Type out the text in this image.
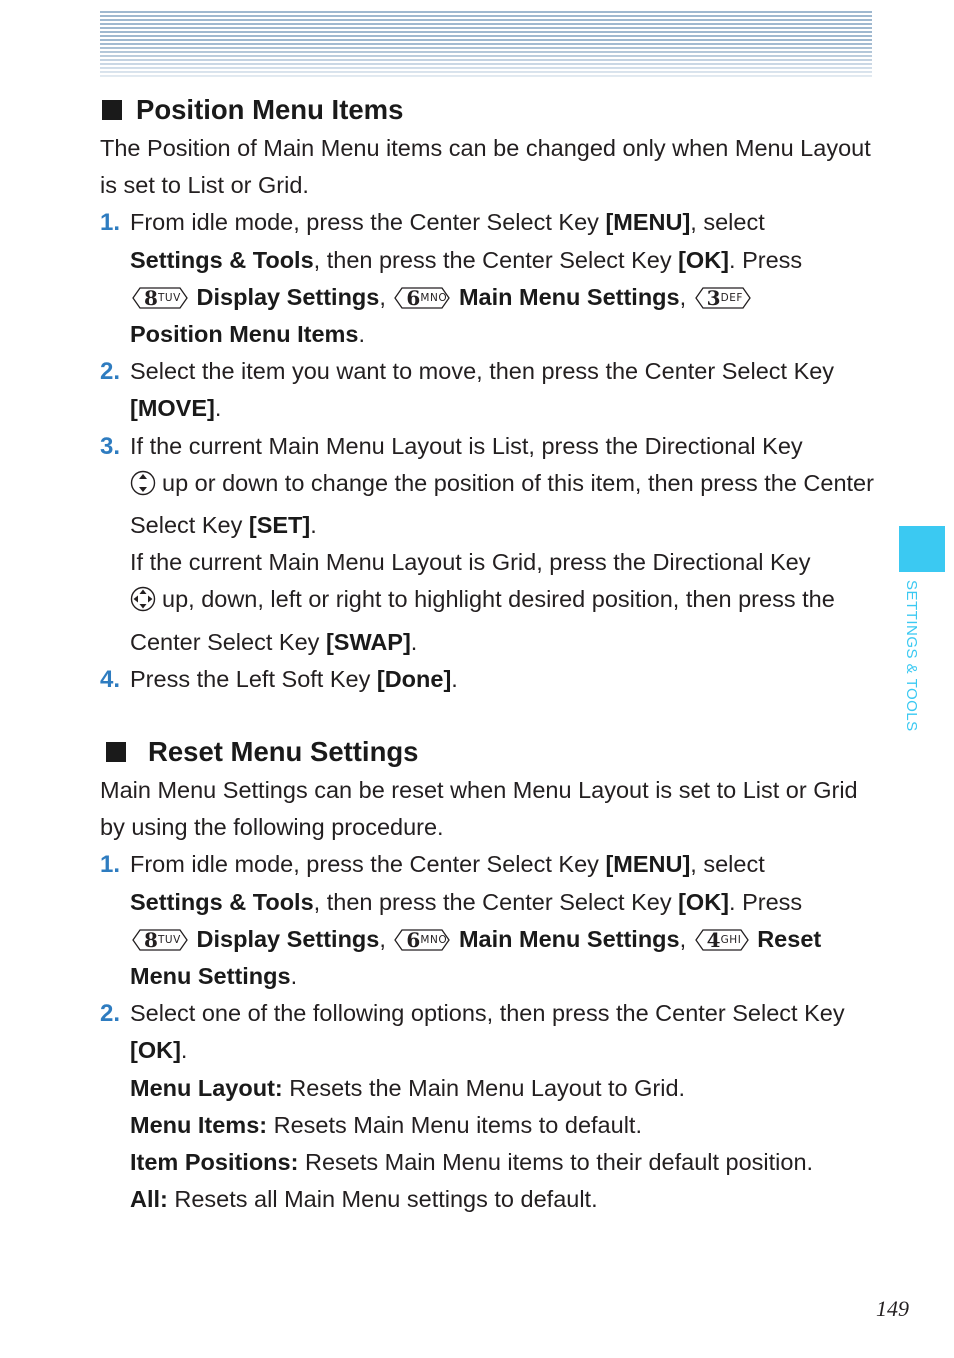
SETTINGS & TOOLS
Position Menu Items

The Position of Main Menu items can be changed only when Menu Layout is set to List or Grid.

1. From idle mode, press the Center Select Key [MENU], select
Settings & Tools, then press the Center Select Key [OK]. Press

8 TUV Display Settings, 6 MNO Main Menu Settings, 3 DEF

Position Menu Items.
2. Select the item you want to move, then press the Center Select Key
[MOVE].
3. If the current Main Menu Layout is List, press the Directional Key
up or down to change the position of this item, then press the Center Select Key [SET].
If the current Main Menu Layout is Grid, press the Directional Key
up, down, left or right to highlight desired position, then press the Center Select Key [SWAP].
4. Press the Left Soft Key [Done].
Reset Menu Settings

Main Menu Settings can be reset when Menu Layout is set to List or Grid by using the following procedure.

1. From idle mode, press the Center Select Key [MENU], select
Settings & Tools, then press the Center Select Key [OK]. Press

8 TUV Display Settings, 6 MNO Main Menu Settings, 4 GHI Reset
Menu Settings.
2. Select one of the following options, then press the Center Select Key [OK].
Menu Layout: Resets the Main Menu Layout to Grid.
Menu Items: Resets Main Menu items to default.
Item Positions: Resets Main Menu items to their default position.
All: Resets all Main Menu settings to default.
149
